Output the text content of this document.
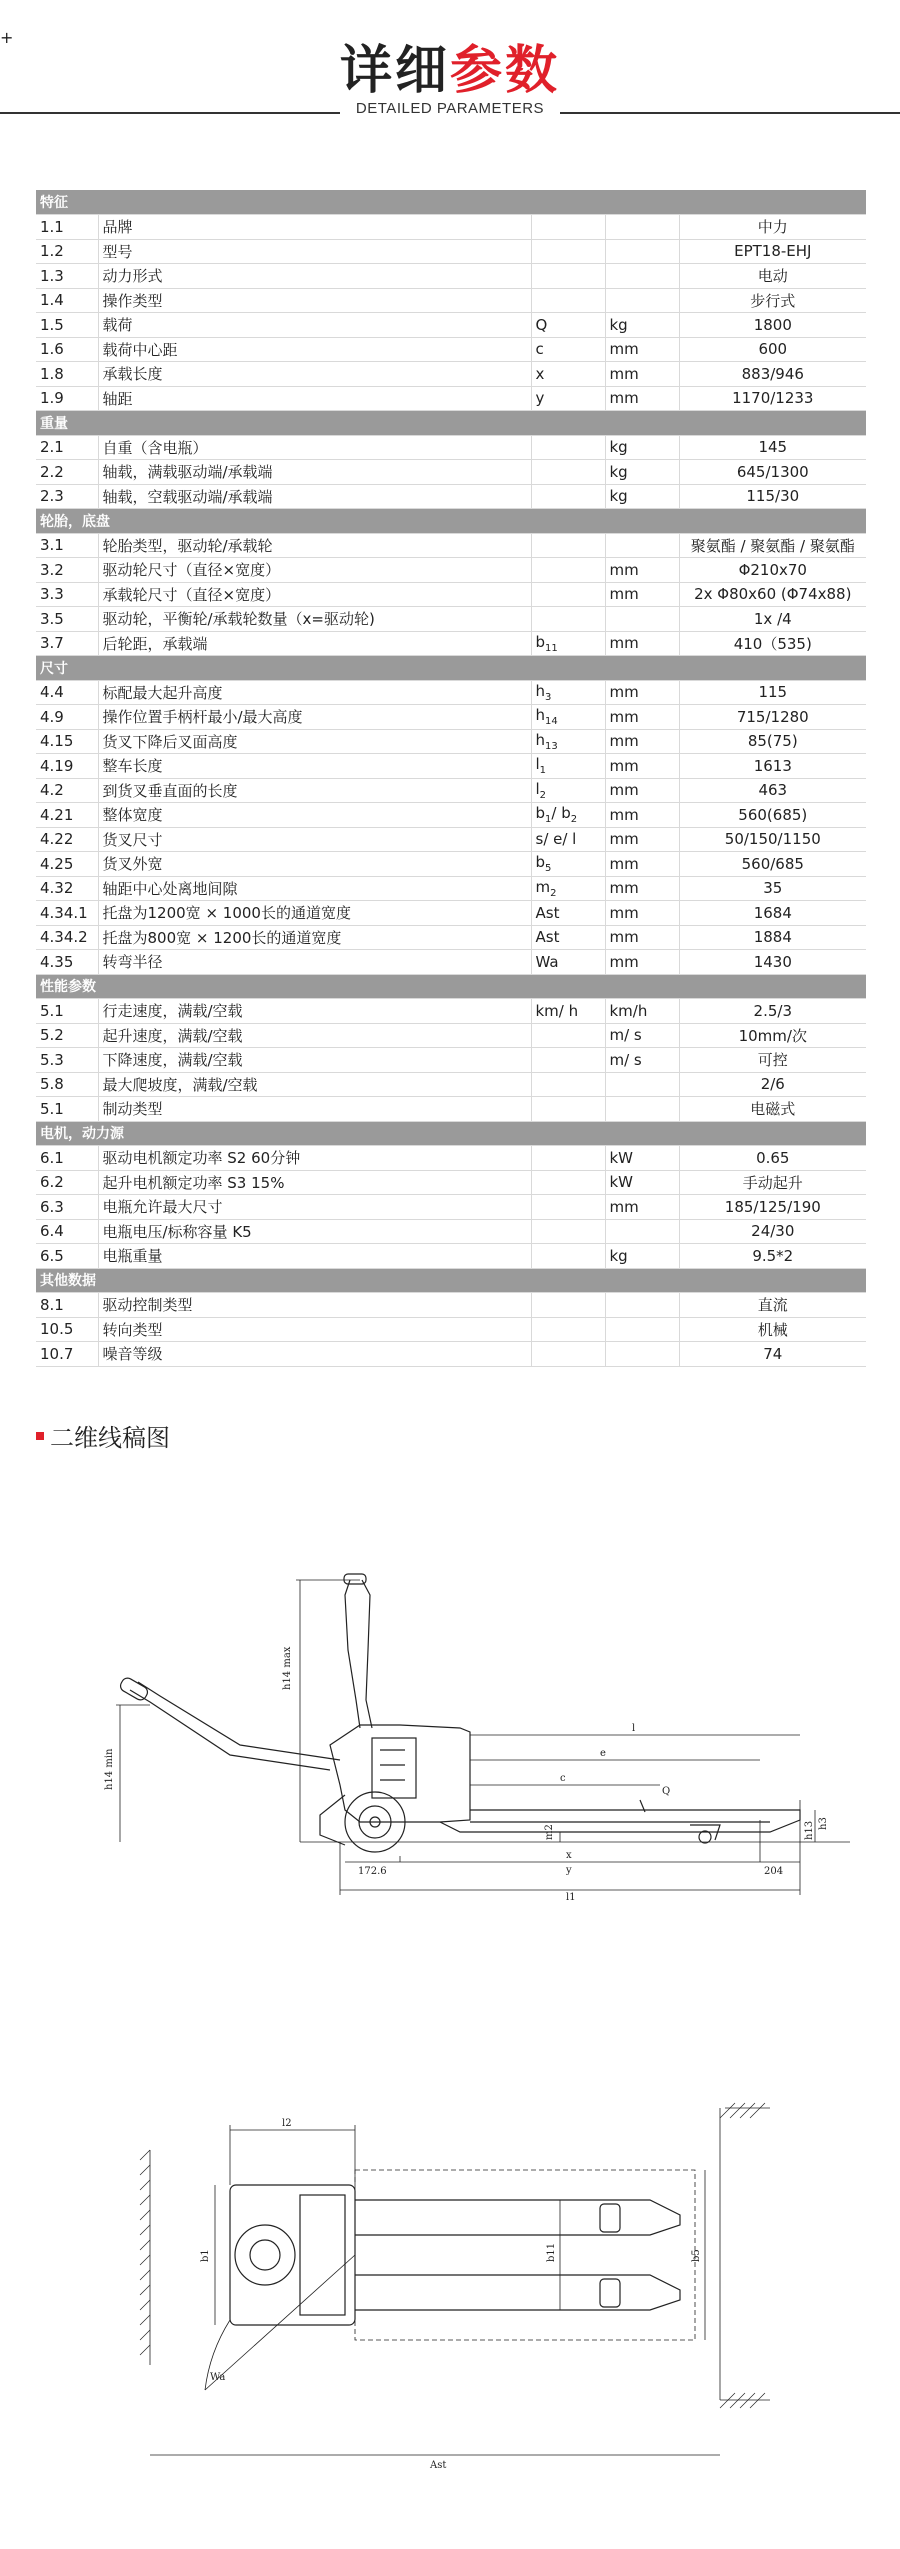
详细参数
+
DETAILED PARAMETERS
特征				
1.1	品牌			中力
1.2	型号			EPT18-EHJ
1.3	动力形式			电动
1.4	操作类型			步行式
1.5	载荷	Q	kg	1800
1.6	载荷中心距	c	mm	600
1.8	承载长度	x	mm	883/946
1.9	轴距	y	mm	1170/1233
重量				
2.1	自重（含电瓶）		kg	145
2.2	轴载，满载驱动端/承载端		kg	645/1300
2.3	轴载，空载驱动端/承载端		kg	115/30
轮胎，底盘				
3.1	轮胎类型，驱动轮/承载轮			聚氨酯 / 聚氨酯 / 聚氨酯
3.2	驱动轮尺寸（直径×宽度）		mm	Φ210x70
3.3	承载轮尺寸（直径×宽度）		mm	2x Φ80x60 (Φ74x88)
3.5	驱动轮，平衡轮/承载轮数量（x=驱动轮)			1x /4
3.7	后轮距，承载端	$b_{11}$	mm	410（535)
尺寸				
4.4	标配最大起升高度	$h_3$	mm	115
4.9	操作位置手柄杆最小/最大高度	$h_{14}$	mm	715/1280
4.15	货叉下降后叉面高度	$h_{13}$	mm	85(75)
4.19	整车长度	$l_1$	mm	1613
4.2	到货叉垂直面的长度	$l_2$	mm	463
4.21	整体宽度	$b_1/$ $b_2$	mm	560(685)
4.22	货叉尺寸	s/ e/ l	mm	50/150/1150
4.25	货叉外宽	$b_5$	mm	560/685
4.32	轴距中心处离地间隙	$m_2$	mm	35
4.34.1	托盘为1200宽 × 1000长的通道宽度	Ast	mm	1684
4.34.2	托盘为800宽 × 1200长的通道宽度	Ast	mm	1884
4.35	转弯半径	Wa	mm	1430
性能参数				
5.1	行走速度，满载/空载	km/ h	km/h	2.5/3
5.2	起升速度，满载/空载		m/ s	10mm/次
5.3	下降速度，满载/空载		m/ s	可控
5.8	最大爬坡度，满载/空载			2/6
5.1	制动类型			电磁式
电机，动力源				
6.1	驱动电机额定功率 S2 60分钟		kW	0.65
6.2	起升电机额定功率 S3 15%		kW	手动起升
6.3	电瓶允许最大尺寸		mm	185/125/190
6.4	电瓶电压/标称容量 K5			24/30
6.5	电瓶重量		kg	9.5*2
其他数据				
8.1	驱动控制类型			直流
10.5	转向类型			机械
10.7	噪音等级			74
二维线稿图
h14 max
h14 min
l
e
c
Q
x
y
l1
h3
h13
m2
172.6	204
l2
b1	b11	b5
Wa
Ast
